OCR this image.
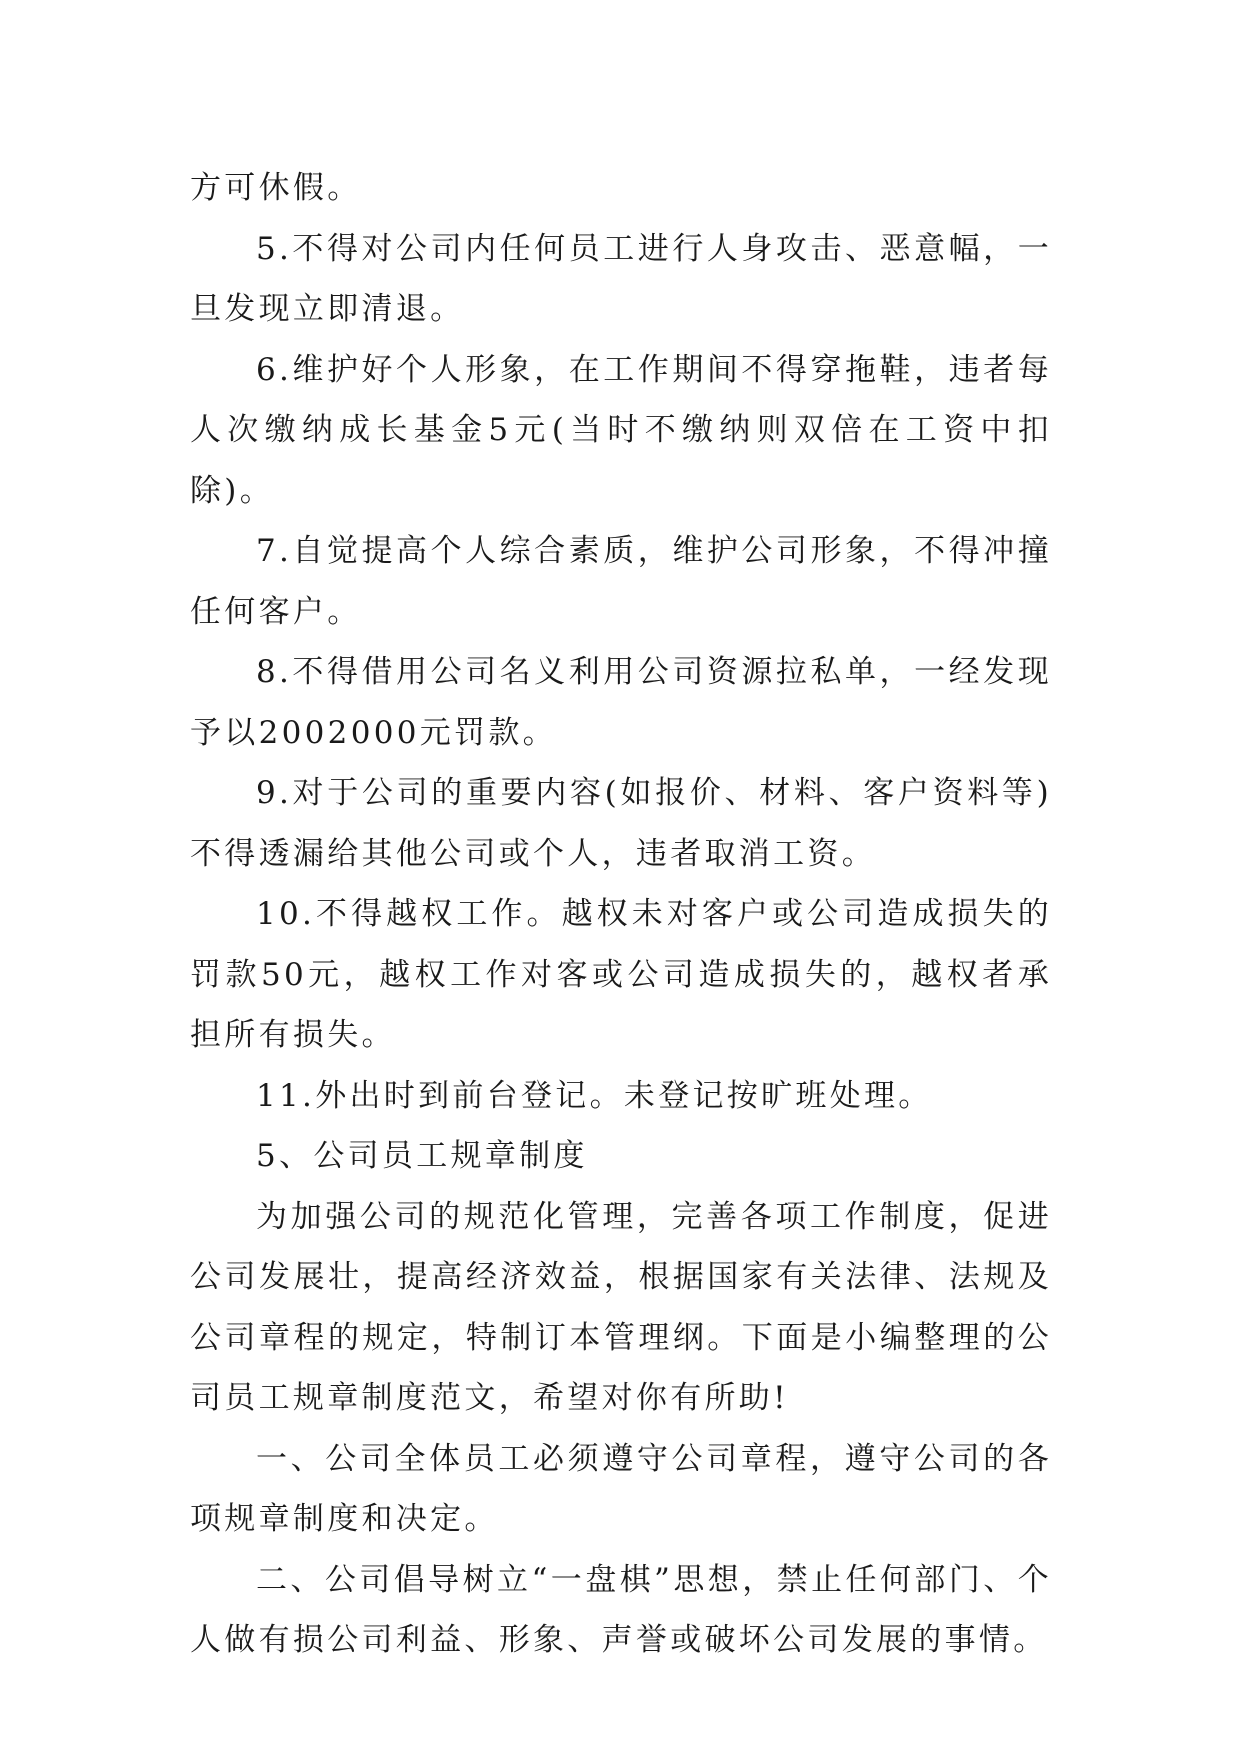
方可休假。

5.不得对公司内任何员工进行人身攻击、恶意幅，一旦发现立即清退。

6.维护好个人形象，在工作期间不得穿拖鞋，违者每人次缴纳成长基金5元(当时不缴纳则双倍在工资中扣除)。

7.自觉提高个人综合素质，维护公司形象，不得冲撞任何客户。

8.不得借用公司名义利用公司资源拉私单，一经发现予以2002000元罚款。

9.对于公司的重要内容(如报价、材料、客户资料等)不得透漏给其他公司或个人，违者取消工资。

10.不得越权工作。越权未对客户或公司造成损失的罚款50元，越权工作对客或公司造成损失的，越权者承担所有损失。

11.外出时到前台登记。未登记按旷班处理。

5、公司员工规章制度

为加强公司的规范化管理，完善各项工作制度，促进公司发展壮，提高经济效益，根据国家有关法律、法规及公司章程的规定，特制订本管理纲。下面是小编整理的公司员工规章制度范文，希望对你有所助!

一、公司全体员工必须遵守公司章程，遵守公司的各项规章制度和决定。

二、公司倡导树立“一盘棋”思想，禁止任何部门、个人做有损公司利益、形象、声誉或破坏公司发展的事情。
